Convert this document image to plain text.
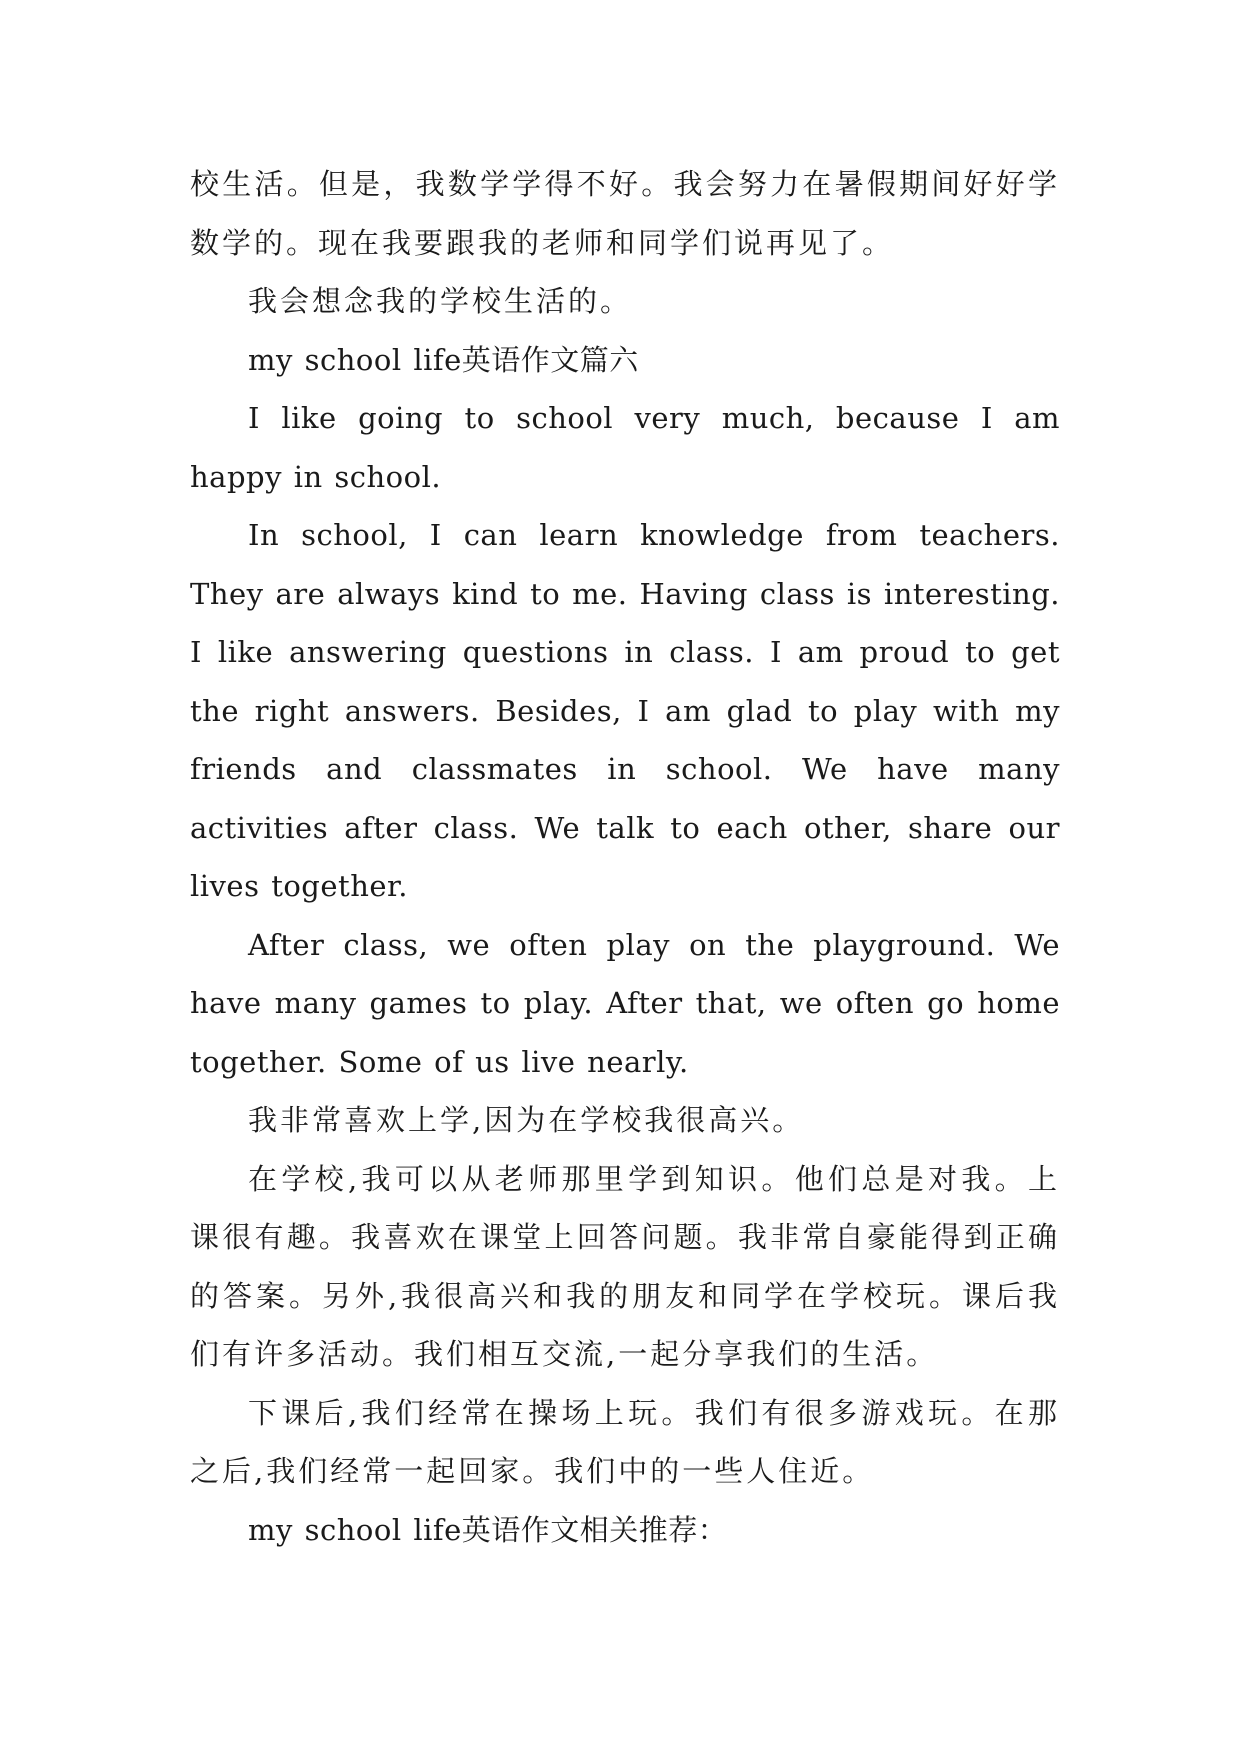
校生活。但是，我数学学得不好。我会努力在暑假期间好好学数学的。现在我要跟我的老师和同学们说再见了。

我会想念我的学校生活的。

my school life英语作文篇六

I like going to school very much, because I am happy in school.

In school, I can learn knowledge from teachers. They are always kind to me. Having class is interesting. I like answering questions in class. I am proud to get the right answers. Besides, I am glad to play with my friends and classmates in school. We have many activities after class. We talk to each other, share our lives together.

After class, we often play on the playground. We have many games to play. After that, we often go home together. Some of us live nearly.

我非常喜欢上学,因为在学校我很高兴。

在学校,我可以从老师那里学到知识。他们总是对我。上课很有趣。我喜欢在课堂上回答问题。我非常自豪能得到正确的答案。另外,我很高兴和我的朋友和同学在学校玩。课后我们有许多活动。我们相互交流,一起分享我们的生活。

下课后,我们经常在操场上玩。我们有很多游戏玩。在那之后,我们经常一起回家。我们中的一些人住近。

my school life英语作文相关推荐：
